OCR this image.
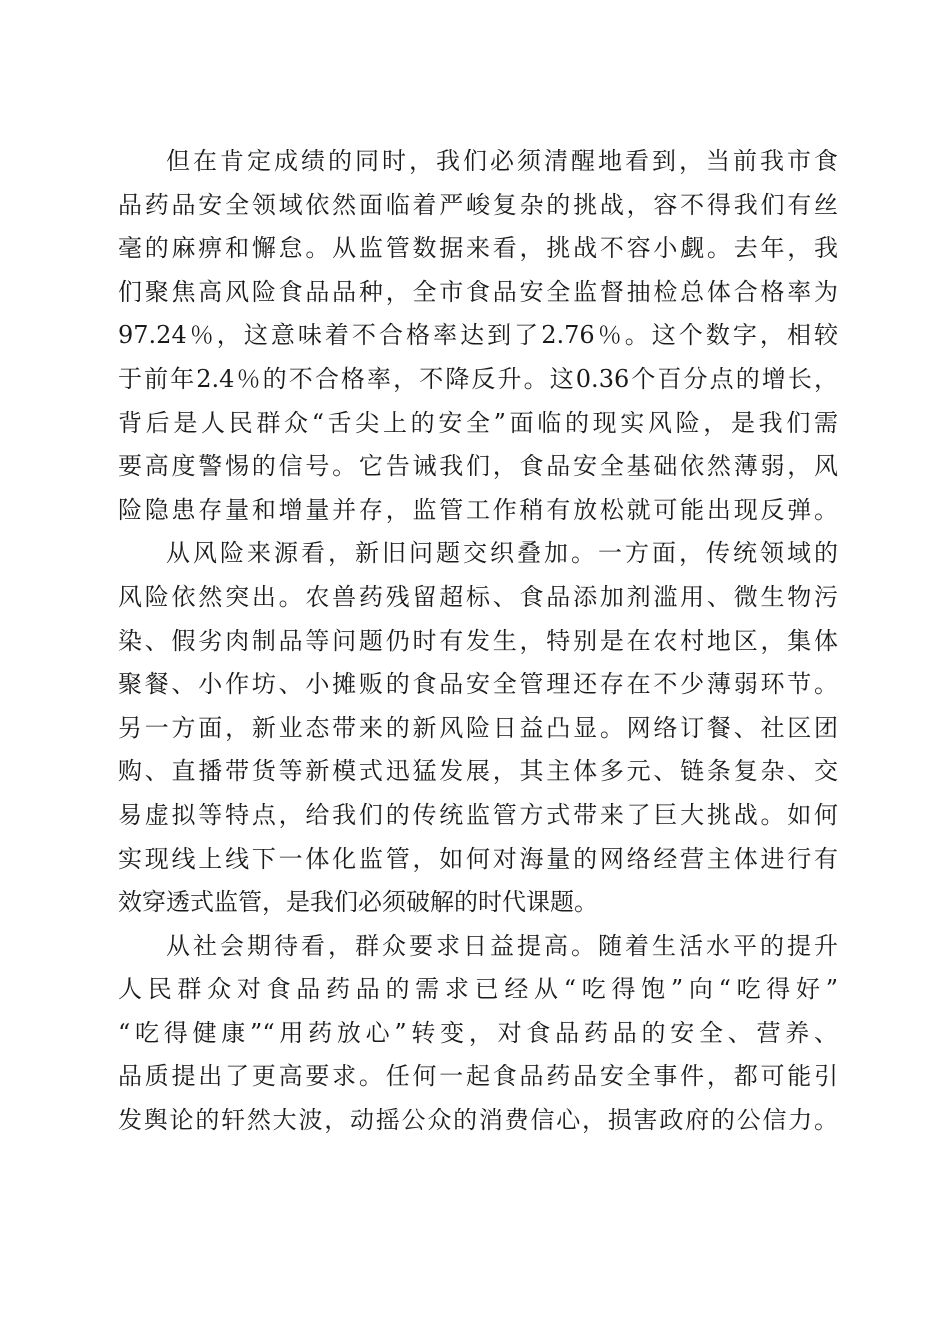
但在肯定成绩的同时，我们必须清醒地看到，当前我市食
品药品安全领域依然面临着严峻复杂的挑战，容不得我们有丝
毫的麻痹和懈怠。从监管数据来看，挑战不容小觑。去年，我
们聚焦高风险食品品种，全市食品安全监督抽检总体合格率为
97.24％，这意味着不合格率达到了2.76％。这个数字，相较
于前年2.4％的不合格率，不降反升。这0.36个百分点的增长，
背后是人民群众“舌尖上的安全”面临的现实风险，是我们需
要高度警惕的信号。它告诫我们，食品安全基础依然薄弱，风
险隐患存量和增量并存，监管工作稍有放松就可能出现反弹。
从风险来源看，新旧问题交织叠加。一方面，传统领域的
风险依然突出。农兽药残留超标、食品添加剂滥用、微生物污
染、假劣肉制品等问题仍时有发生，特别是在农村地区，集体
聚餐、小作坊、小摊贩的食品安全管理还存在不少薄弱环节。
另一方面，新业态带来的新风险日益凸显。网络订餐、社区团
购、直播带货等新模式迅猛发展，其主体多元、链条复杂、交
易虚拟等特点，给我们的传统监管方式带来了巨大挑战。如何
实现线上线下一体化监管，如何对海量的网络经营主体进行有
效穿透式监管，是我们必须破解的时代课题。
从社会期待看，群众要求日益提高。随着生活水平的提升
人民群众对食品药品的需求已经从“吃得饱”向“吃得好”
“吃得健康”“用药放心”转变，对食品药品的安全、营养、
品质提出了更高要求。任何一起食品药品安全事件，都可能引
发舆论的轩然大波，动摇公众的消费信心，损害政府的公信力。
